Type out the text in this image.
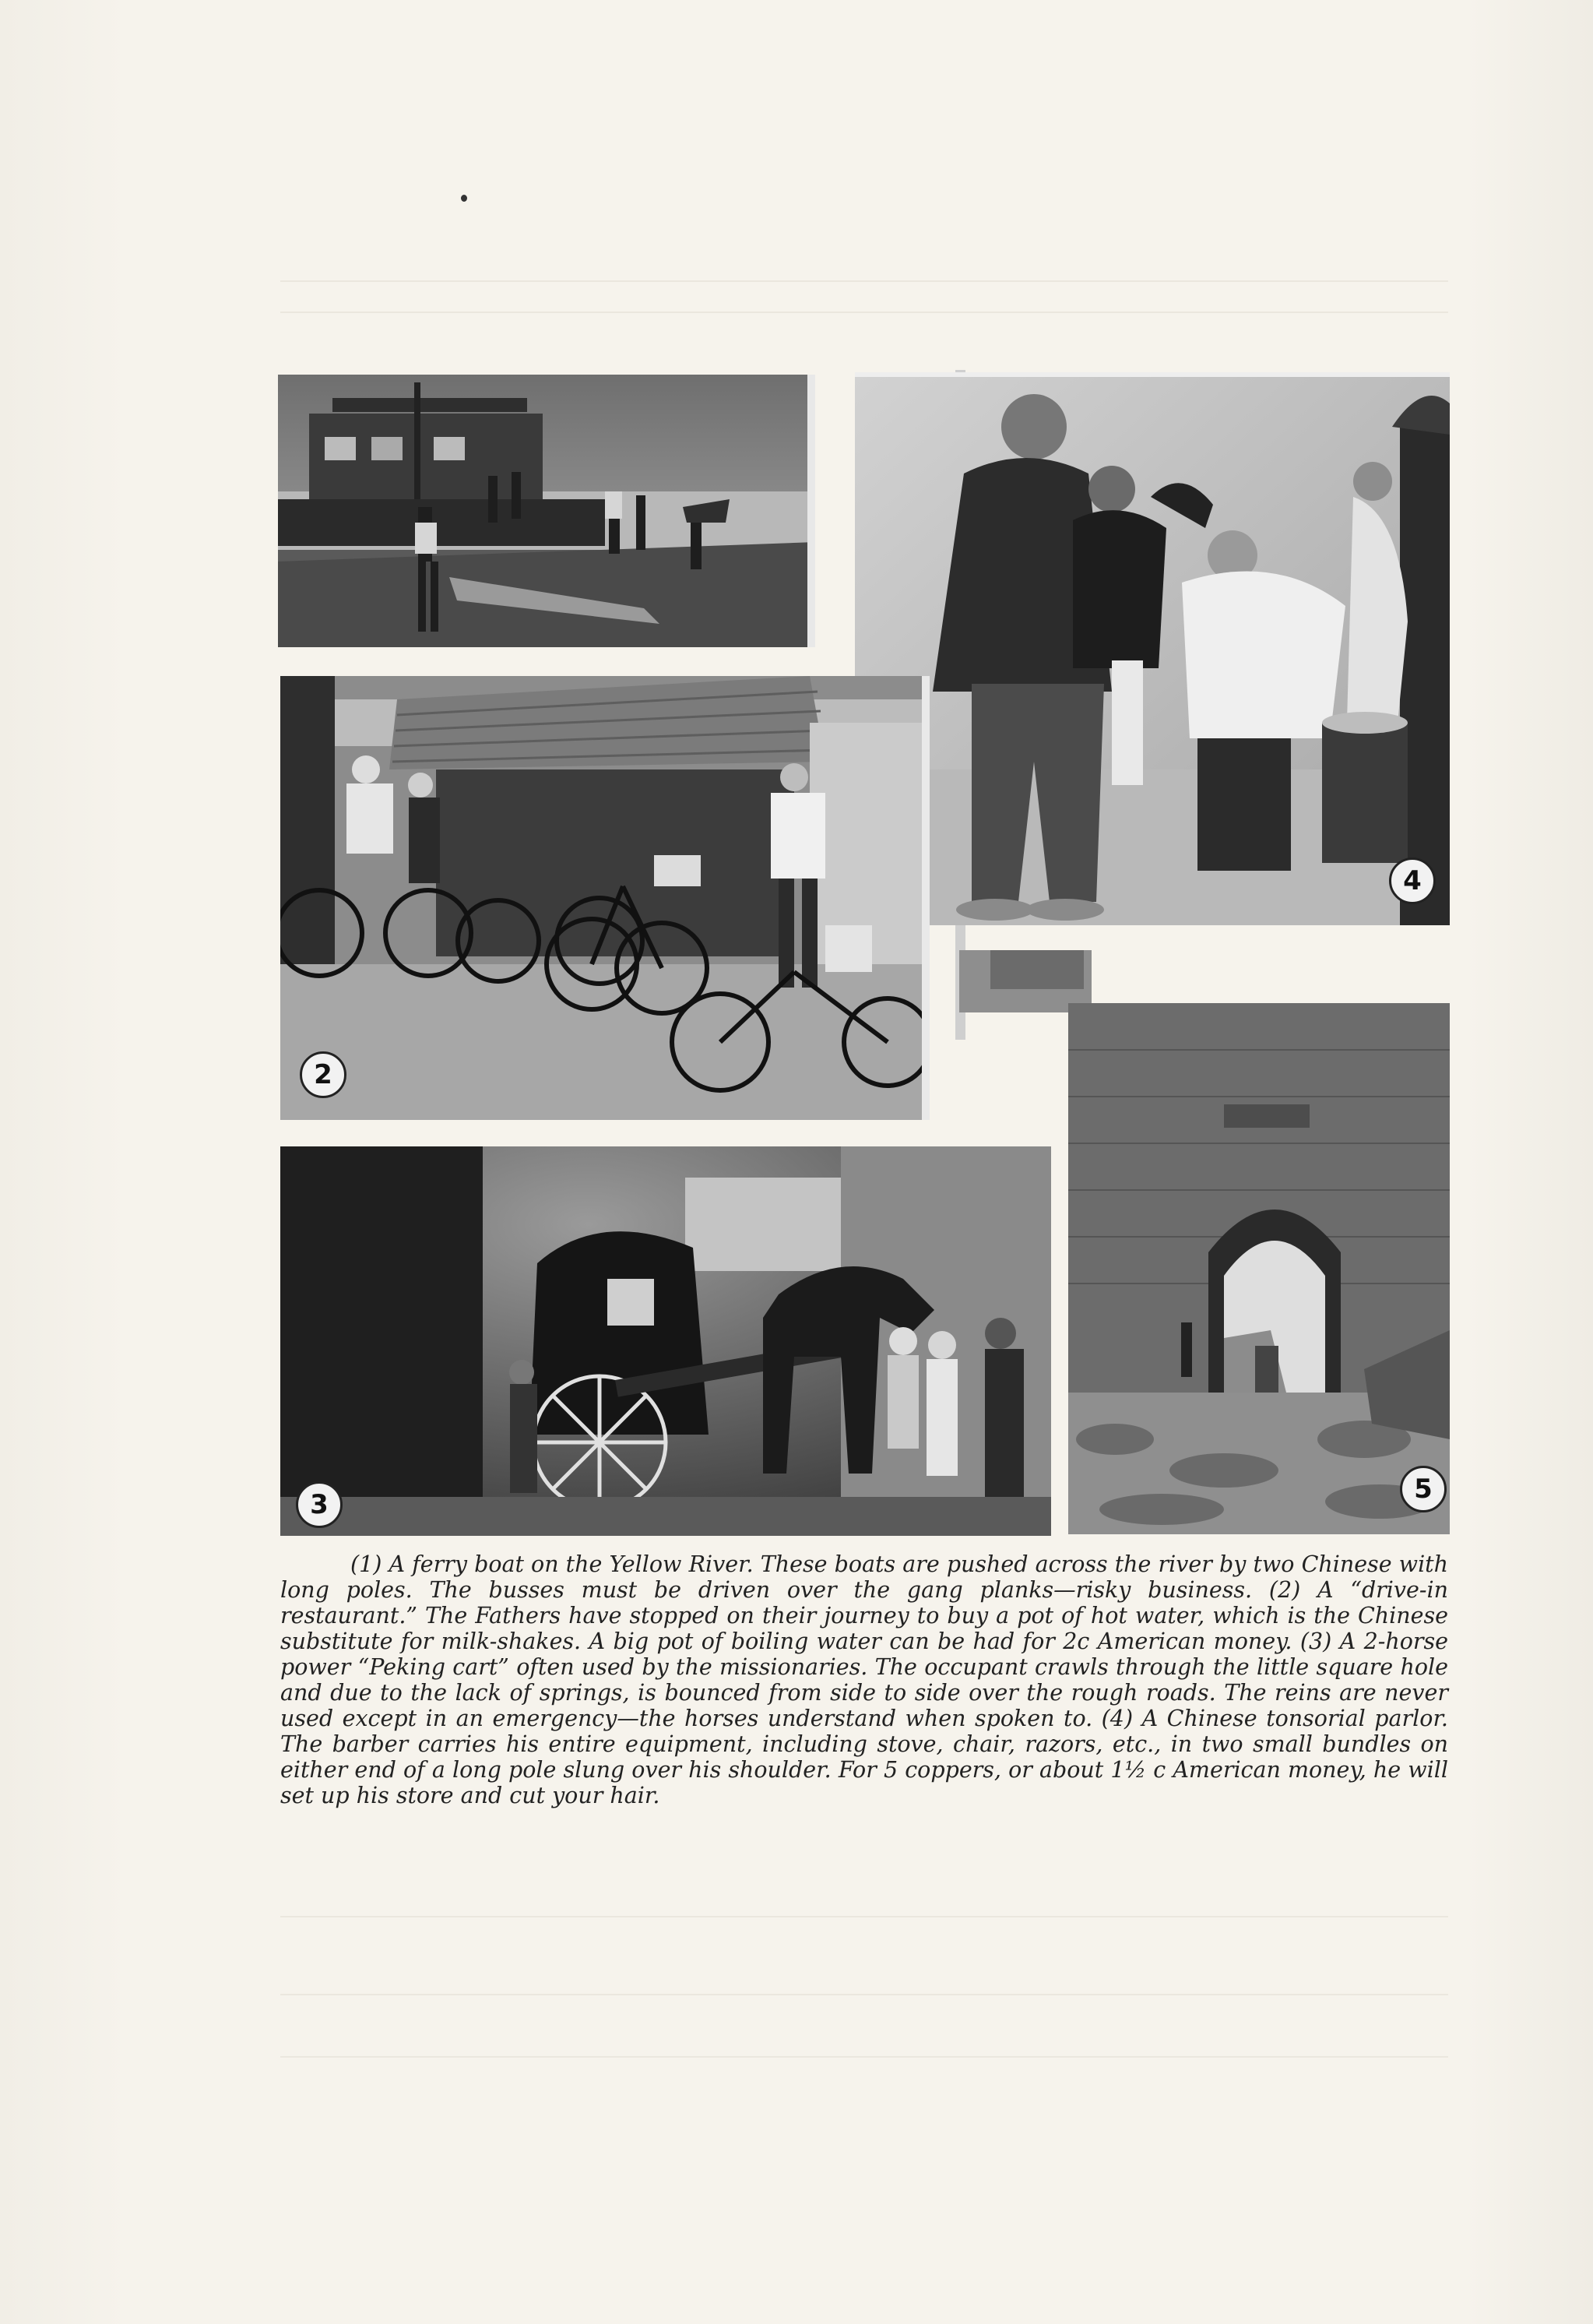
4
2
5
3

(1) A ferry boat on the Yellow River. These boats are pushed across the river by two Chinese with long poles. The busses must be driven over the gang planks—risky business. (2) A “drive-in restaurant.” The Fathers have stopped on their journey to buy a pot of hot water, which is the Chinese substitute for milk-shakes. A big pot of boiling water can be had for 2c American money. (3) A 2-horse power “Peking cart” often used by the missionaries. The occupant crawls through the little square hole and due to the lack of springs, is bounced from side to side over the rough roads. The reins are never used except in an emergency—the horses understand when spoken to. (4) A Chinese tonsorial parlor. The barber carries his entire equipment, including stove, chair, razors, etc., in two small bundles on either end of a long pole slung over his shoulder. For 5 coppers, or about 1½ c American money, he will set up his store and cut your hair.
